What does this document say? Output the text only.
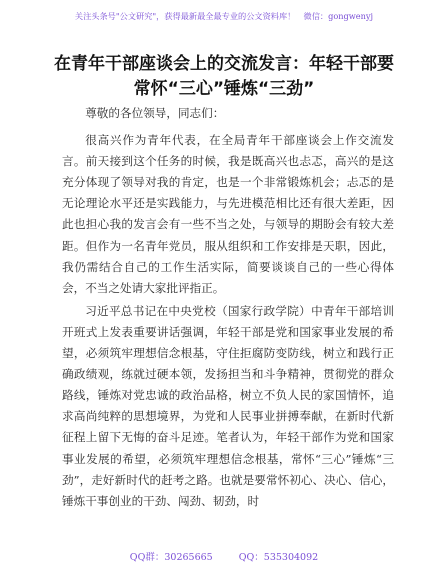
关注头条号"公文研究"，获得最新最全最专业的公文资料库！　微信：gongwenyj
在青年干部座谈会上的交流发言：年轻干部要
常怀“三心”锤炼“三劲”

尊敬的各位领导，同志们：

很高兴作为青年代表，在全局青年干部座谈会上作交流发言。前天接到这个任务的时候，我是既高兴也忐忑，高兴的是这充分体现了领导对我的肯定，也是一个非常锻炼机会；忐忑的是无论理论水平还是实践能力，与先进模范相比还有很大差距，因此也担心我的发言会有一些不当之处，与领导的期盼会有较大差距。但作为一名青年党员，服从组织和工作安排是天职，因此，我仍需结合自己的工作生活实际，简要谈谈自己的一些心得体会，不当之处请大家批评指正。

习近平总书记在中央党校（国家行政学院）中青年干部培训开班式上发表重要讲话强调，年轻干部是党和国家事业发展的希望，必须筑牢理想信念根基，守住拒腐防变防线，树立和践行正确政绩观，练就过硬本领，发扬担当和斗争精神，贯彻党的群众路线，锤炼对党忠诚的政治品格，树立不负人民的家国情怀，追求高尚纯粹的思想境界，为党和人民事业拼搏奉献，在新时代新征程上留下无悔的奋斗足迹。笔者认为，年轻干部作为党和国家事业发展的希望，必须筑牢理想信念根基，常怀“三心”锤炼“三劲”，走好新时代的赶考之路。也就是要常怀初心、决心、信心，锤炼干事创业的干劲、闯劲、韧劲，时

QQ群：30265665	QQ：535304092
